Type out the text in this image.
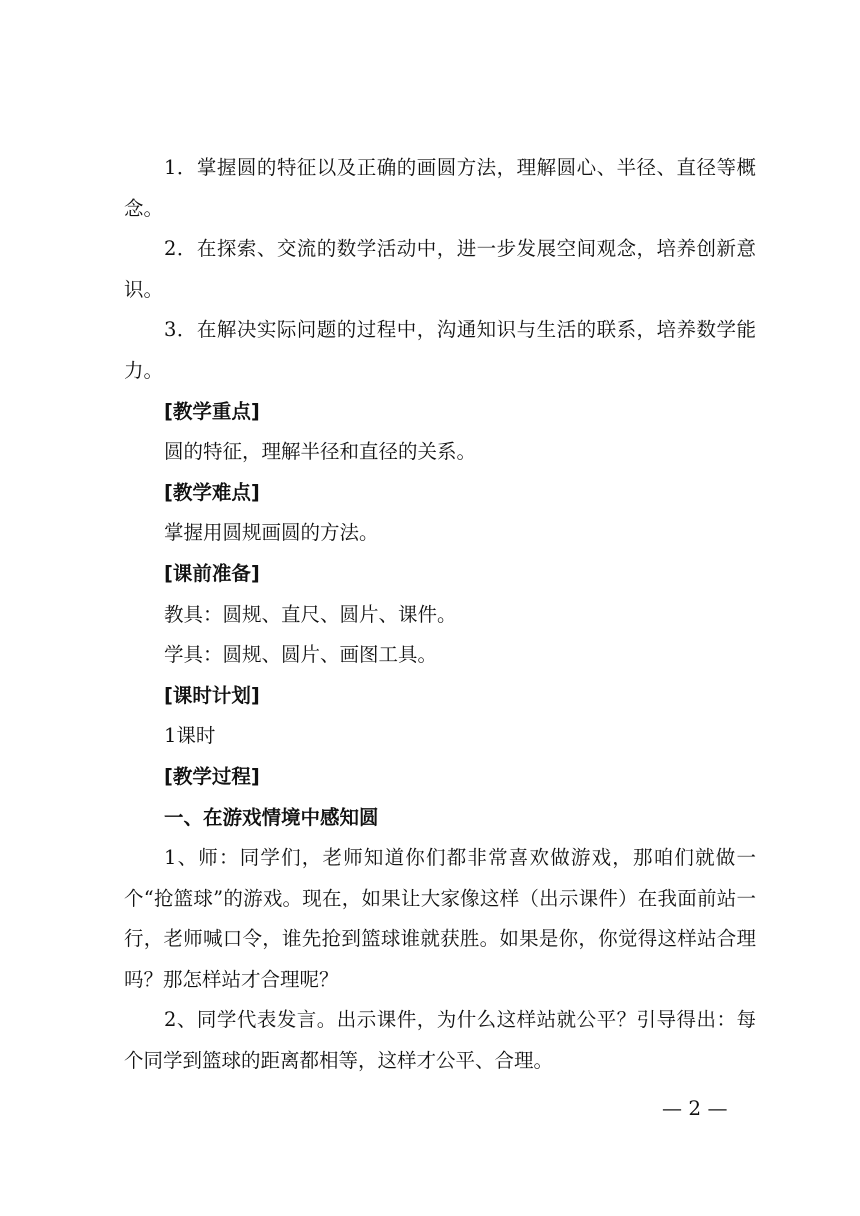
1．掌握圆的特征以及正确的画圆方法，理解圆心、半径、直径等概念。

2．在探索、交流的数学活动中，进一步发展空间观念，培养创新意识。

3．在解决实际问题的过程中，沟通知识与生活的联系，培养数学能力。

[教学重点]

圆的特征，理解半径和直径的关系。

[教学难点]

掌握用圆规画圆的方法。

[课前准备]

教具：圆规、直尺、圆片、课件。

学具：圆规、圆片、画图工具。

[课时计划]

1课时

[教学过程]

一、在游戏情境中感知圆

1、师：同学们，老师知道你们都非常喜欢做游戏，那咱们就做一个“抢篮球”的游戏。现在，如果让大家像这样（出示课件）在我面前站一行，老师喊口令，谁先抢到篮球谁就获胜。如果是你，你觉得这样站合理吗？那怎样站才合理呢？

2、同学代表发言。出示课件，为什么这样站就公平？引导得出：每个同学到篮球的距离都相等，这样才公平、合理。

— 2 —
